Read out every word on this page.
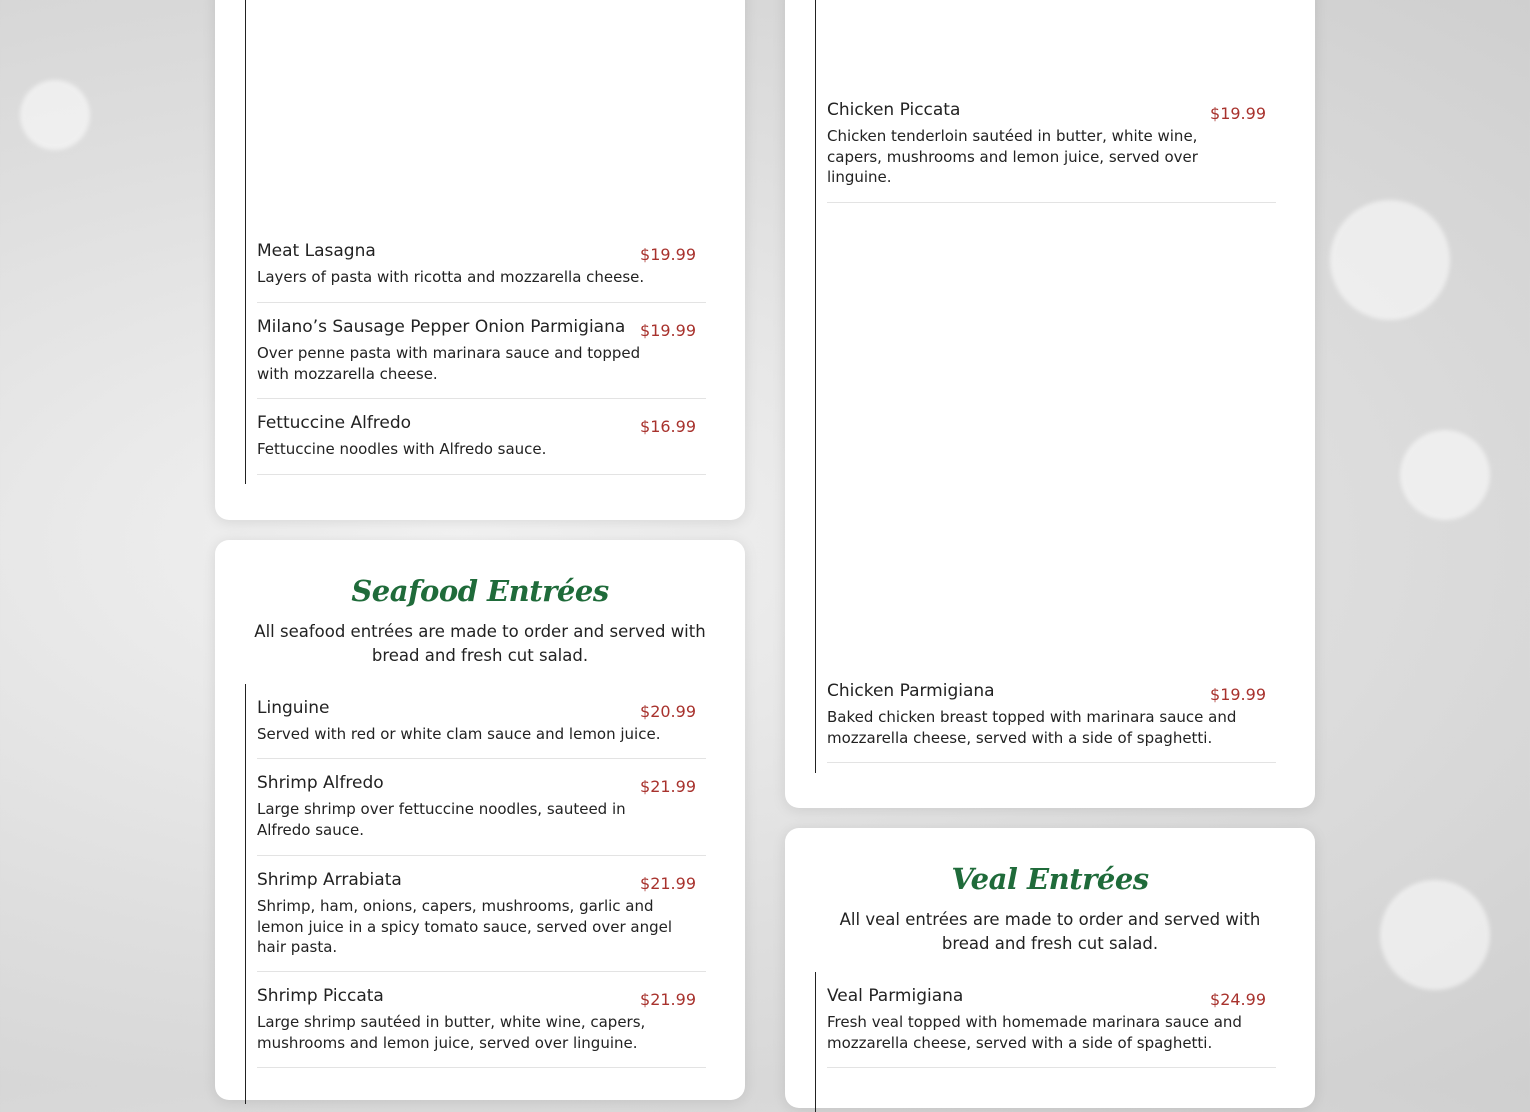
Meat Lasagna	$19.99
Layers of pasta with ricotta and mozzarella cheese.
Milano’s Sausage Pepper Onion Parmigiana $19.99
Over penne pasta with marinara sauce and topped with mozzarella cheese.
Fettuccine Alfredo	$16.99
Fettuccine noodles with Alfredo sauce.
Seafood Entrées
All seafood entrées are made to order and served with bread and fresh cut salad.
Linguine	$20.99
Served with red or white clam sauce and lemon juice.
Shrimp Alfredo	$21.99
Large shrimp over fettuccine noodles, sauteed in Alfredo sauce.
Shrimp Arrabiata	$21.99
Shrimp, ham, onions, capers, mushrooms, garlic and lemon juice in a spicy tomato sauce, served over angel hair pasta.
Shrimp Piccata	$21.99
Large shrimp sautéed in butter, white wine, capers, mushrooms and lemon juice, served over linguine.
Chicken Piccata	$19.99
Chicken tenderloin sautéed in butter, white wine, capers, mushrooms and lemon juice, served over linguine.
Chicken Parmigiana	$19.99
Baked chicken breast topped with marinara sauce and mozzarella cheese, served with a side of spaghetti.
Veal Entrées
All veal entrées are made to order and served with bread and fresh cut salad.
Veal Parmigiana	$24.99
Fresh veal topped with homemade marinara sauce and mozzarella cheese, served with a side of spaghetti.
